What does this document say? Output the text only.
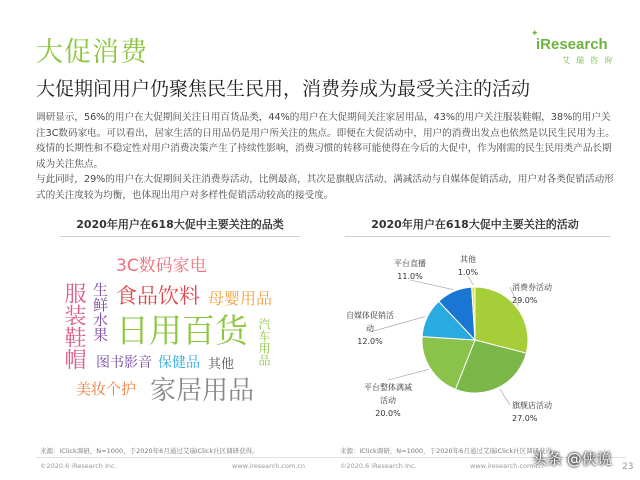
大促消费
✦
iResearch
艾瑞咨询
大促期间用户仍聚焦民生民用，消费券成为最受关注的活动

调研显示，56%的用户在大促期间关注日用百货品类，44%的用户在大促期间关注家居用品，43%的用户关注服装鞋帽，38%的用户关注3C数码家电。可以看出，居家生活的日用品仍是用户所关注的焦点。即便在大促活动中，用户的消费出发点也依然是以民生民用为主。疫情的长期性和不稳定性对用户消费决策产生了持续性影响，消费习惯的转移可能使得在今后的大促中，作为刚需的民生民用类产品长期成为关注焦点。

与此同时，29%的用户在大促期间关注消费券活动，比例最高，其次是旗舰店活动、满减活动与自媒体促销活动，用户对各类促销活动形式的关注度较为均衡，也体现出用户对多样性促销活动较高的接受度。

2020年用户在618大促中主要关注的品类	2020年用户在618大促中主要关注的活动
3C数码家电
服装鞋帽 生鲜水果 食品饮料 母婴用品
日用百货 汽车用品
图书影音 保健品 其他
美妆个护 家居用品
消费券活动
29.0%
旗舰店活动
27.0%
平台整体满减
活动
20.0%
自媒体促销活
动
12.0%
平台直播
11.0%
其他
1.0%
来源：iClick调研，N=1000，于2020年6月通过艾瑞iClick社区调研获得。	来源：iClick调研，N=1000，于2020年6月通过艾瑞iClick社区调研获得。
©2020.6 iResearch Inc.	www.iresearch.com.cn	©2020.6 iResearch Inc.	www.iresearch.com.cn	23
头条 @侠说
